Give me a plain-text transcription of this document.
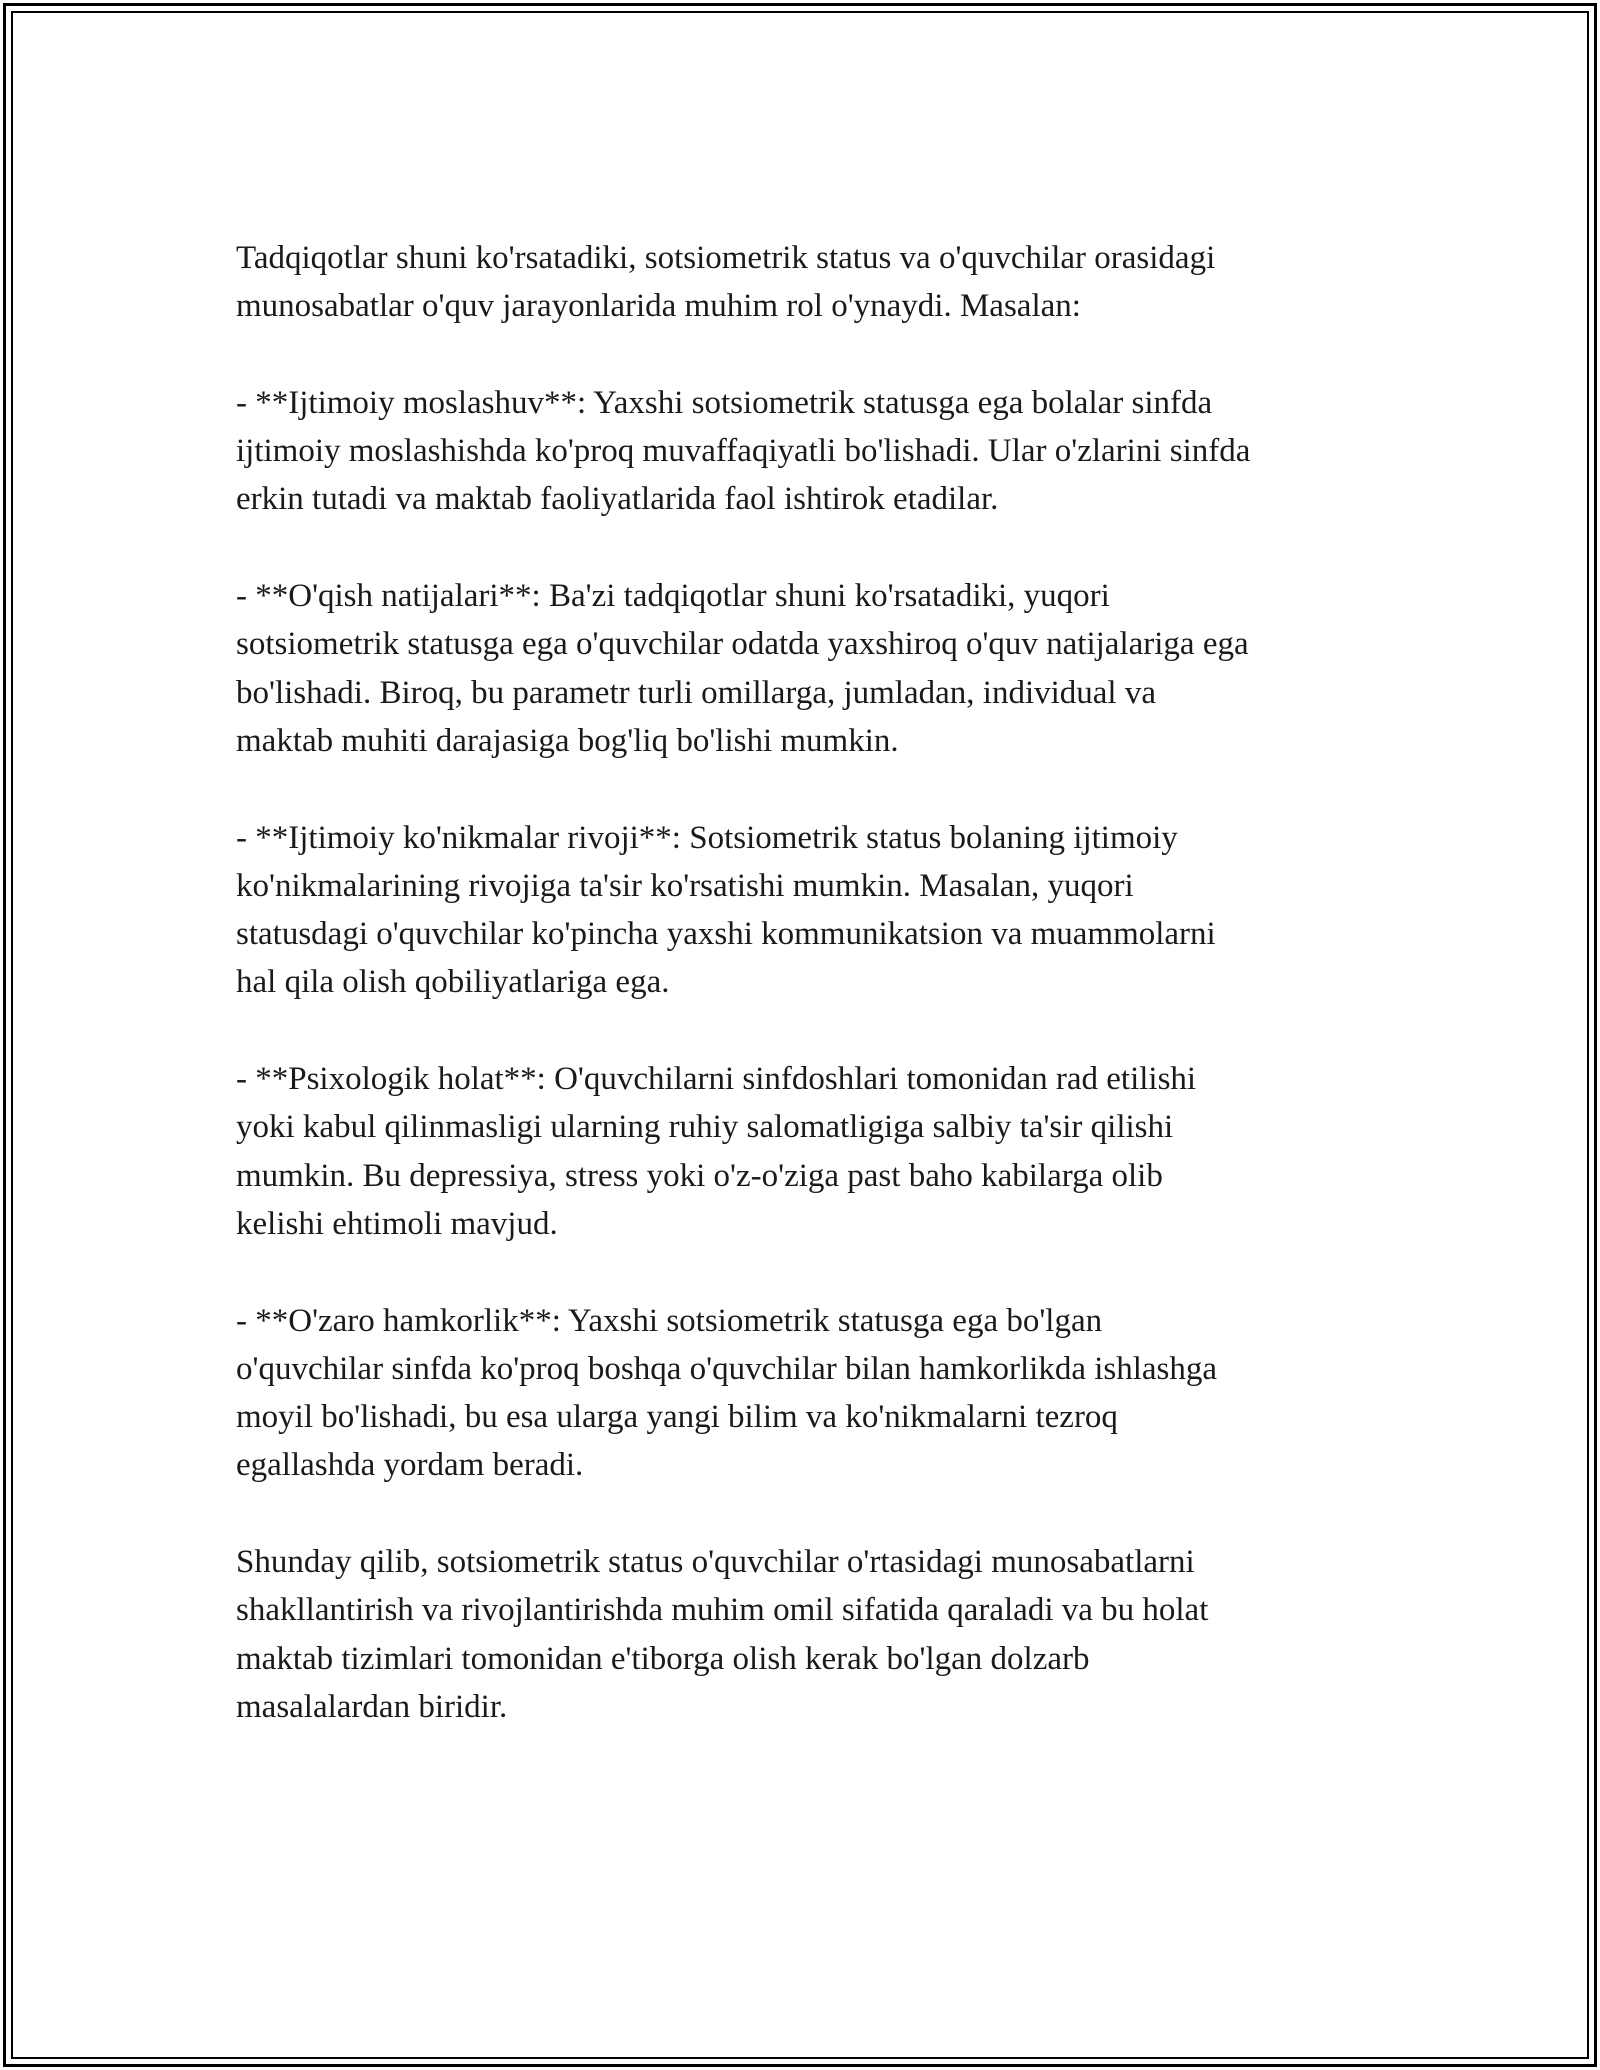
Tadqiqotlar shuni ko'rsatadiki, sotsiometrik status va o'quvchilar orasidagi
munosabatlar o'quv jarayonlarida muhim rol o'ynaydi. Masalan:

- **Ijtimoiy moslashuv**: Yaxshi sotsiometrik statusga ega bolalar sinfda
ijtimoiy moslashishda ko'proq muvaffaqiyatli bo'lishadi. Ular o'zlarini sinfda
erkin tutadi va maktab faoliyatlarida faol ishtirok etadilar.

- **O'qish natijalari**: Ba'zi tadqiqotlar shuni ko'rsatadiki, yuqori
sotsiometrik statusga ega o'quvchilar odatda yaxshiroq o'quv natijalariga ega
bo'lishadi. Biroq, bu parametr turli omillarga, jumladan, individual va
maktab muhiti darajasiga bog'liq bo'lishi mumkin.

- **Ijtimoiy ko'nikmalar rivoji**: Sotsiometrik status bolaning ijtimoiy
ko'nikmalarining rivojiga ta'sir ko'rsatishi mumkin. Masalan, yuqori
statusdagi o'quvchilar ko'pincha yaxshi kommunikatsion va muammolarni
hal qila olish qobiliyatlariga ega.

- **Psixologik holat**: O'quvchilarni sinfdoshlari tomonidan rad etilishi
yoki kabul qilinmasligi ularning ruhiy salomatligiga salbiy ta'sir qilishi
mumkin. Bu depressiya, stress yoki o'z-o'ziga past baho kabilarga olib
kelishi ehtimoli mavjud.

- **O'zaro hamkorlik**: Yaxshi sotsiometrik statusga ega bo'lgan
o'quvchilar sinfda ko'proq boshqa o'quvchilar bilan hamkorlikda ishlashga
moyil bo'lishadi, bu esa ularga yangi bilim va ko'nikmalarni tezroq
egallashda yordam beradi.

Shunday qilib, sotsiometrik status o'quvchilar o'rtasidagi munosabatlarni
shakllantirish va rivojlantirishda muhim omil sifatida qaraladi va bu holat
maktab tizimlari tomonidan e'tiborga olish kerak bo'lgan dolzarb
masalalardan biridir.
